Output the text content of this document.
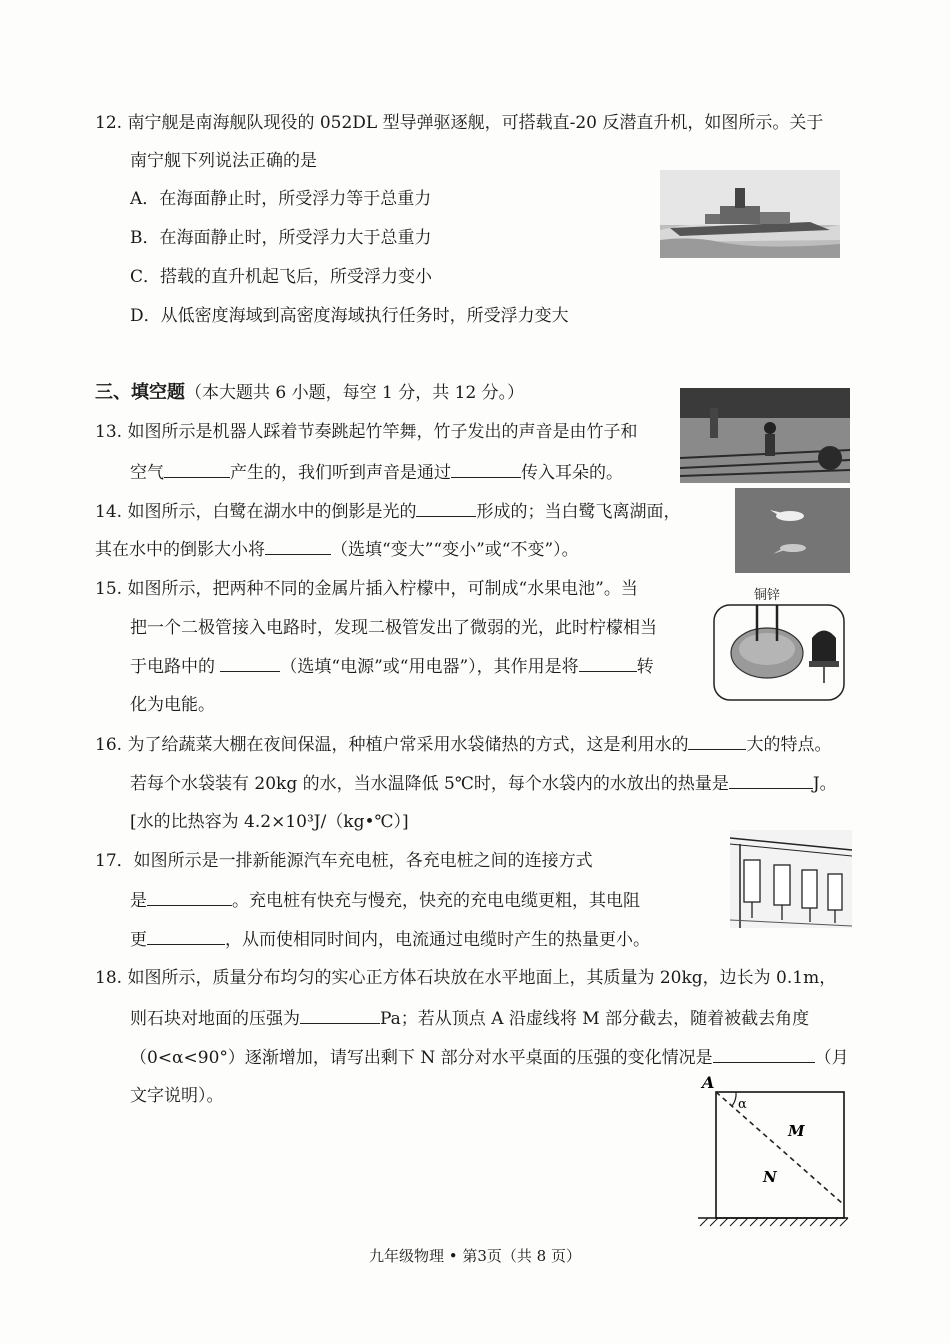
12. 南宁舰是南海舰队现役的 052DL 型导弹驱逐舰，可搭载直-20 反潜直升机，如图所示。关于
南宁舰下列说法正确的是
A．在海面静止时，所受浮力等于总重力
B．在海面静止时，所受浮力大于总重力
C．搭载的直升机起飞后，所受浮力变小
D．从低密度海域到高密度海域执行任务时，所受浮力变大
三、填空题（本大题共 6 小题，每空 1 分，共 12 分。）
13. 如图所示是机器人踩着节奏跳起竹竿舞，竹子发出的声音是由竹子和
空气	产生的，我们听到声音是通过	传入耳朵的。
14. 如图所示，白鹭在湖水中的倒影是光的	形成的；当白鹭飞离湖面，
其在水中的倒影大小将	（选填“变大”“变小”或“不变”）。
15. 如图所示，把两种不同的金属片插入柠檬中，可制成“水果电池”。当
把一个二极管接入电路时，发现二极管发出了微弱的光，此时柠檬相当
于电路中的	（选填“电源”或“用电器”），其作用是将	转
化为电能。
铜锌
16. 为了给蔬菜大棚在夜间保温，种植户常采用水袋储热的方式，这是利用水的	大的特点。
若每个水袋装有 20kg 的水，当水温降低 5℃时，每个水袋内的水放出的热量是	J。
[水的比热容为 4.2×10³J/（kg•℃）]
17．如图所示是一排新能源汽车充电桩，各充电桩之间的连接方式
是	。充电桩有快充与慢充，快充的充电电缆更粗，其电阻
更	，从而使相同时间内，电流通过电缆时产生的热量更小。
18. 如图所示，质量分布均匀的实心正方体石块放在水平地面上，其质量为 20kg，边长为 0.1m，
则石块对地面的压强为	Pa；若从顶点 A 沿虚线将 M 部分截去，随着被截去角度
（0<α<90°）逐渐增加，请写出剩下 N 部分对水平桌面的压强的变化情况是	（月
文字说明）。
A
α
M
N
九年级物理 • 第3页（共 8 页）
